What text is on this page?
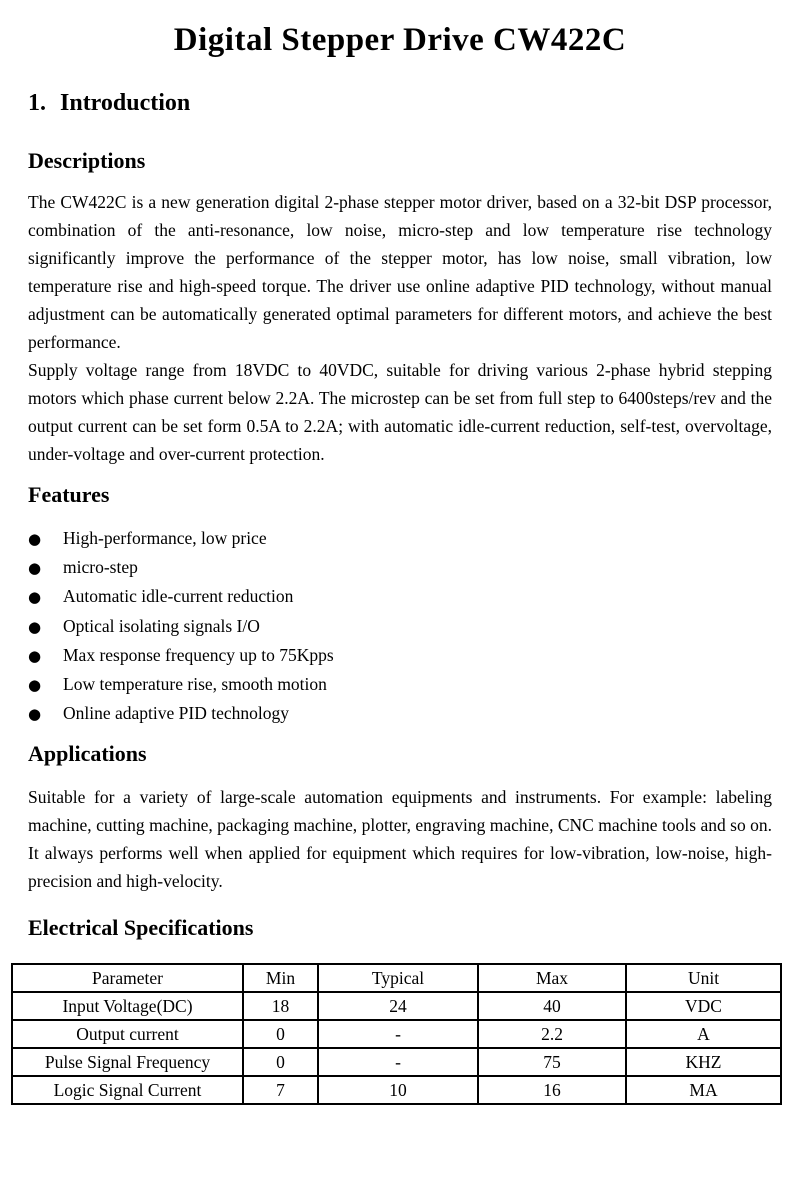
Digital Stepper Drive CW422C
1. Introduction
Descriptions

The CW422C is a new generation digital 2-phase stepper motor driver, based on a 32-bit DSP processor, combination of the anti-resonance, low noise, micro-step and low temperature rise technology significantly improve the performance of the stepper motor, has low noise, small vibration, low temperature rise and high-speed torque. The driver use online adaptive PID technology, without manual adjustment can be automatically generated optimal parameters for different motors, and achieve the best performance.

Supply voltage range from 18VDC to 40VDC, suitable for driving various 2-phase hybrid stepping motors which phase current below 2.2A. The microstep can be set from full step to 6400steps/rev and the output current can be set form 0.5A to 2.2A; with automatic idle-current reduction, self-test, overvoltage, under-voltage and over-current protection.

Features
●	High-performance, low price
●	micro-step
●	Automatic idle-current reduction
●	Optical isolating signals I/O
●	Max response frequency up to 75Kpps
●	Low temperature rise, smooth motion
●	Online adaptive PID technology
Applications

Suitable for a variety of large-scale automation equipments and instruments. For example: labeling machine, cutting machine, packaging machine, plotter, engraving machine, CNC machine tools and so on. It always performs well when applied for equipment which requires for low-vibration, low-noise, high-precision and high-velocity.

Electrical Specifications
Parameter	Min	Typical	Max	Unit
Input Voltage(DC)	18	24	40	VDC
Output current	0	-	2.2	A
Pulse Signal Frequency	0	-	75	KHZ
Logic Signal Current	7	10	16	MA
